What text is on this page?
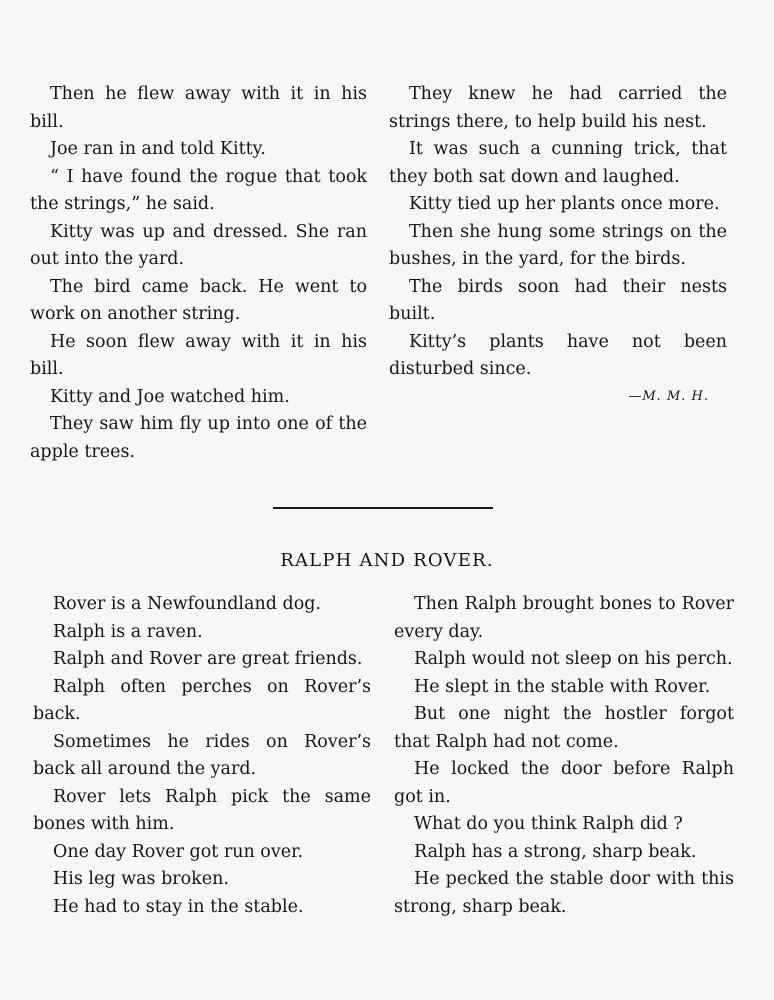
Then he flew away with it in his bill.

Joe ran in and told Kitty.

“ I have found the rogue that took the strings,” he said.

Kitty was up and dressed. She ran out into the yard.

The bird came back. He went to work on another string.

He soon flew away with it in his bill.

Kitty and Joe watched him.

They saw him fly up into one of the apple trees.

They knew he had carried the strings there, to help build his nest.

It was such a cunning trick, that they both sat down and laughed.

Kitty tied up her plants once more.

Then she hung some strings on the bushes, in the yard, for the birds.

The birds soon had their nests built.

Kitty’s plants have not been disturbed since.

—M. M. H.

RALPH AND ROVER.

Rover is a Newfoundland dog.

Ralph is a raven.

Ralph and Rover are great friends.

Ralph often perches on Rover’s back.

Sometimes he rides on Rover’s back all around the yard.

Rover lets Ralph pick the same bones with him.

One day Rover got run over.

His leg was broken.

He had to stay in the stable.

Then Ralph brought bones to Rover every day.

Ralph would not sleep on his perch.

He slept in the stable with Rover.

But one night the hostler forgot that Ralph had not come.

He locked the door before Ralph got in.

What do you think Ralph did ?

Ralph has a strong, sharp beak.

He pecked the stable door with this strong, sharp beak.
